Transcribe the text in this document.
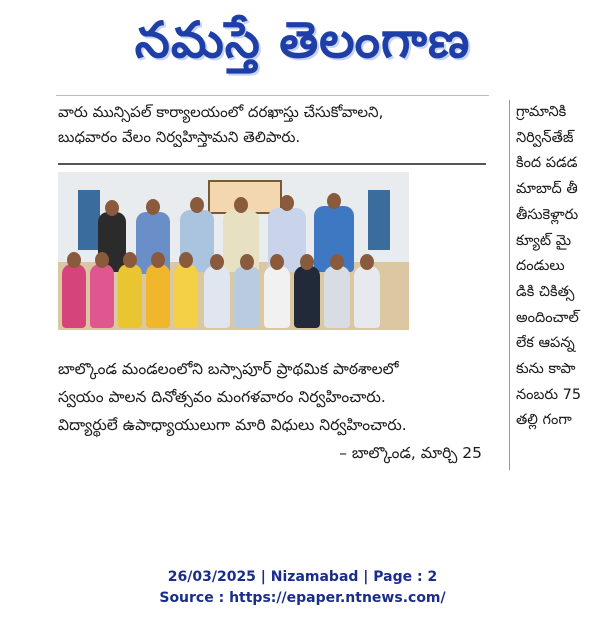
నమస్తే తెలంగాణ

వారు మున్సిపల్ కార్యాలయంలో దరఖాస్తు చేసుకోవాలని,

బుధవారం వేలం నిర్వహిస్తామని తెలిపారు.

బాల్కొండ మండలంలోని బస్సాపూర్ ప్రాథమిక పాఠశాలలో

స్వయం పాలన దినోత్సవం మంగళవారం నిర్వహించారు.

విద్యార్థులే ఉపాధ్యాయులుగా మారి విధులు నిర్వహించారు.

– బాల్కొండ, మార్చి 25

గ్రామానికి
నిర్విన్‌తేజ్
కింద పడడ
మాబాద్ తీ
తీసుకెళ్లారు
క్యూట్ మై
దండులు
డికి చికిత్స
అందించాల్
లేక ఆపన్న
కును కాపా
నంబరు 75
తల్లి గంగా
26/03/2025 | Nizamabad | Page : 2
Source : https://epaper.ntnews.com/
